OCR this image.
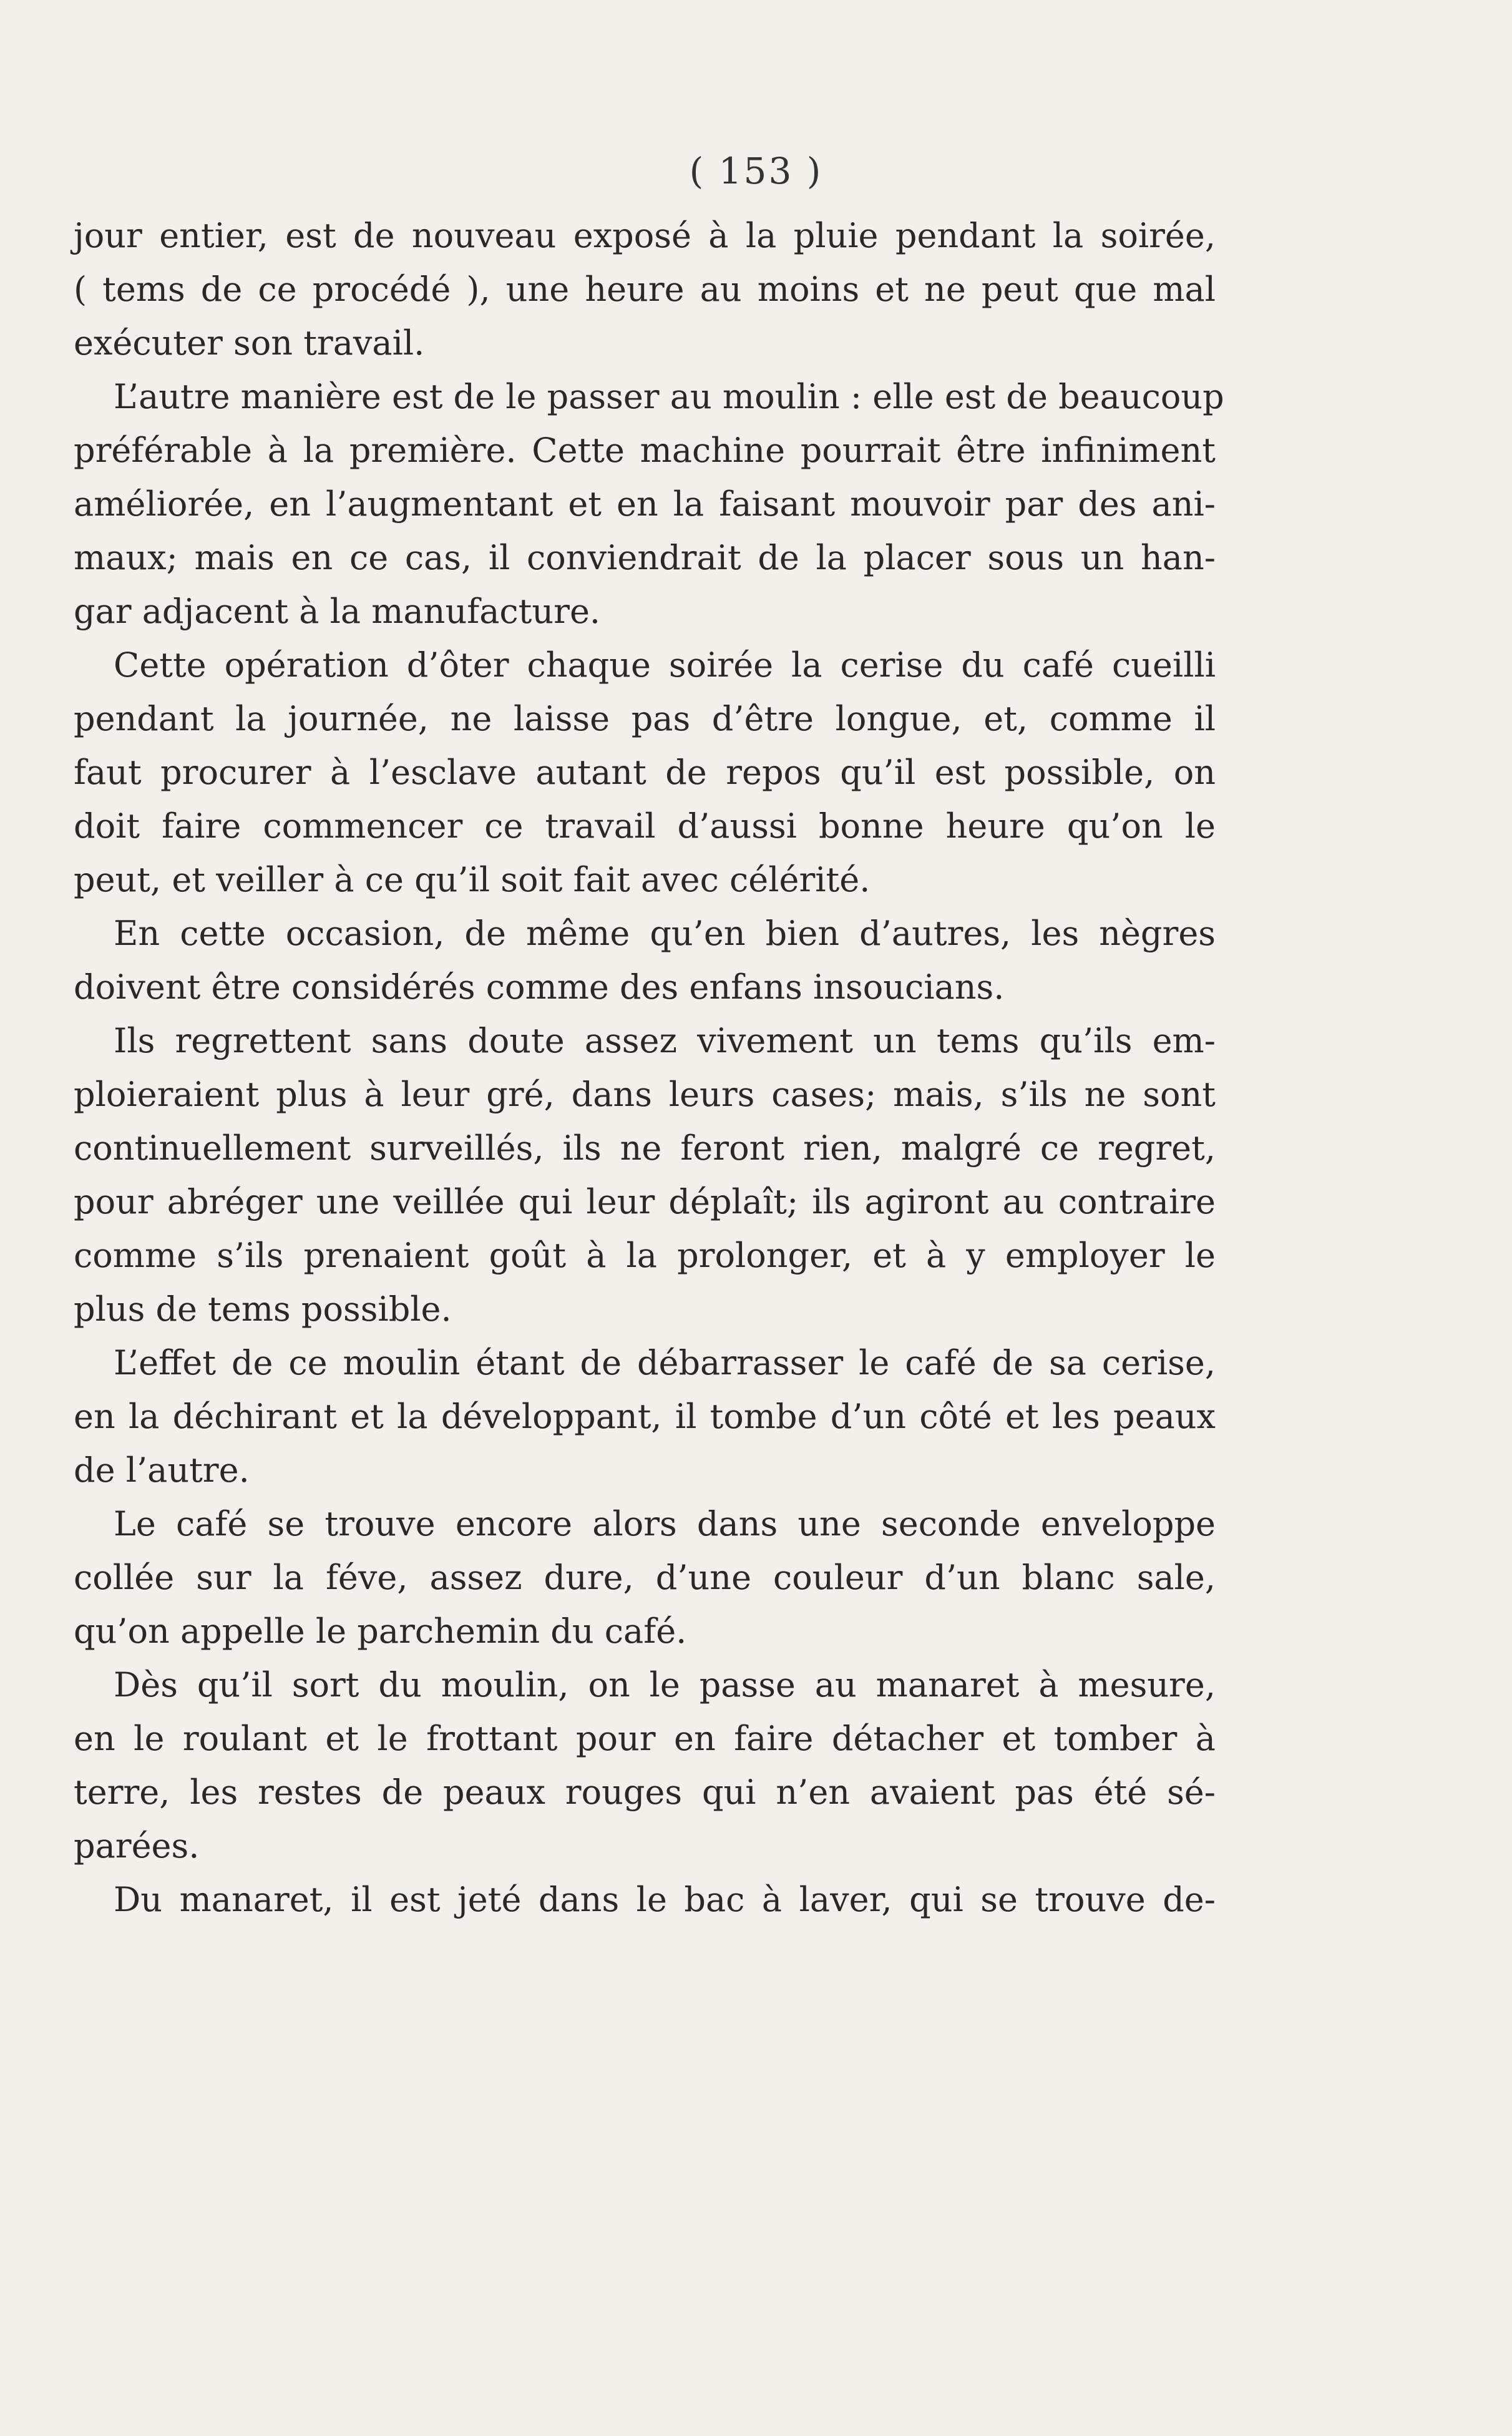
( 153 )
jour entier, est de nouveau exposé à la pluie pendant la soirée,
( tems de ce procédé ), une heure au moins et ne peut que mal
exécuter son travail.
L’autre manière est de le passer au moulin : elle est de beaucoup
préférable à la première. Cette machine pourrait être infiniment
améliorée, en l’augmentant et en la faisant mouvoir par des ani-
maux; mais en ce cas, il conviendrait de la placer sous un han-
gar adjacent à la manufacture.
Cette opération d’ôter chaque soirée la cerise du café cueilli
pendant la journée, ne laisse pas d’être longue, et, comme il
faut procurer à l’esclave autant de repos qu’il est possible, on
doit faire commencer ce travail d’aussi bonne heure qu’on le
peut, et veiller à ce qu’il soit fait avec célérité.
En cette occasion, de même qu’en bien d’autres, les nègres
doivent être considérés comme des enfans insoucians.
Ils regrettent sans doute assez vivement un tems qu’ils em-
ploieraient plus à leur gré, dans leurs cases; mais, s’ils ne sont
continuellement surveillés, ils ne feront rien, malgré ce regret,
pour abréger une veillée qui leur déplaît; ils agiront au contraire
comme s’ils prenaient goût à la prolonger, et à y employer le
plus de tems possible.
L’effet de ce moulin étant de débarrasser le café de sa cerise,
en la déchirant et la développant, il tombe d’un côté et les peaux
de l’autre.
Le café se trouve encore alors dans une seconde enveloppe
collée sur la féve, assez dure, d’une couleur d’un blanc sale,
qu’on appelle le parchemin du café.
Dès qu’il sort du moulin, on le passe au manaret à mesure,
en le roulant et le frottant pour en faire détacher et tomber à
terre, les restes de peaux rouges qui n’en avaient pas été sé-
parées.
Du manaret, il est jeté dans le bac à laver, qui se trouve de-
